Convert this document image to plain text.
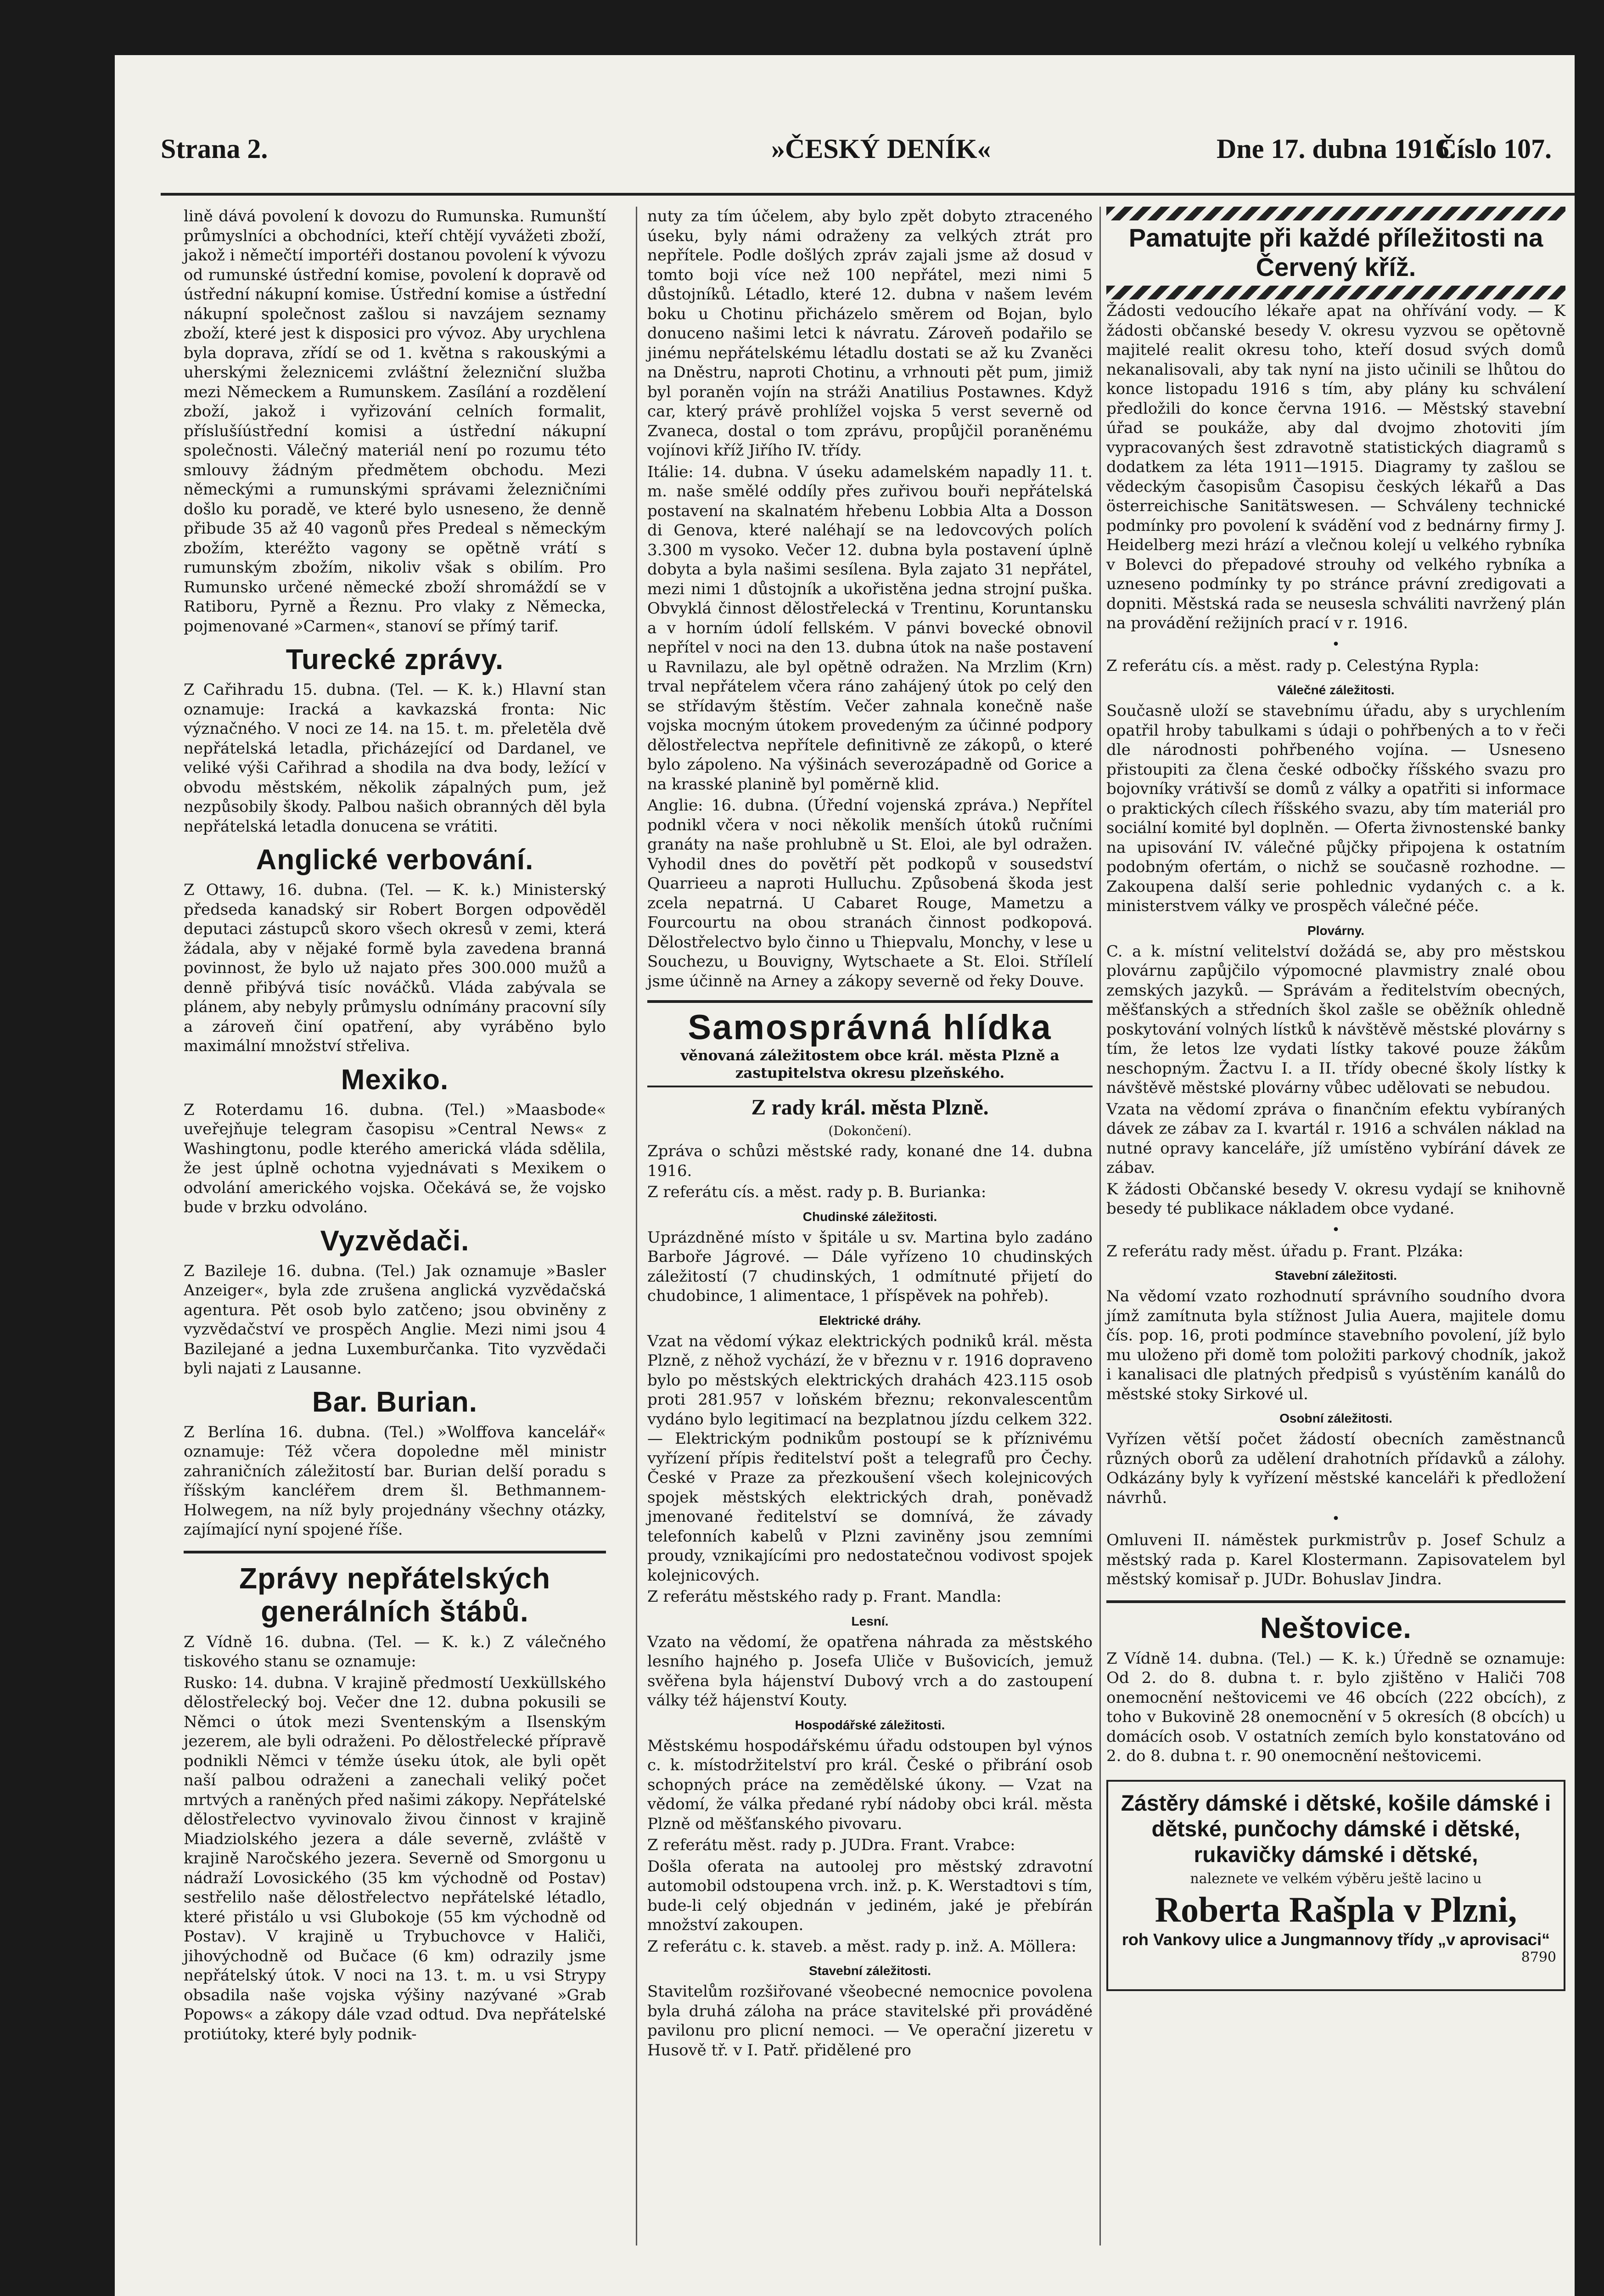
Strana 2.	»ČESKÝ DENÍK«	Dne 17. dubna 1916.
Číslo 107.

lině dává povolení k dovozu do Rumunska. Rumunští průmyslníci a obchodníci, kteří chtějí vyvážeti zboží, jakož i němečtí importéři dostanou povolení k vývozu od rumunské ústřední komise, povolení k dopravě od ústřední nákupní komise. Ústřední komise a ústřední nákupní společnost zašlou si navzájem seznamy zboží, které jest k disposici pro vývoz. Aby urychlena byla doprava, zřídí se od 1. května s rakouskými a uherskými železnicemi zvláštní železniční služba mezi Německem a Rumunskem. Zasílání a rozdělení zboží, jakož i vyřizování celních formalit, příslušíústřední komisi a ústřední nákupní společnosti. Válečný materiál není po rozumu této smlouvy žádným předmětem obchodu. Mezi německými a rumunskými správami železničními došlo ku poradě, ve které bylo usneseno, že denně přibude 35 až 40 vagonů přes Predeal s německým zbožím, kteréžto vagony se opětně vrátí s rumunským zbožím, nikoliv však s obilím. Pro Rumunsko určené německé zboží shromáždí se v Ratiboru, Pyrně a Řeznu. Pro vlaky z Německa, pojmenované »Carmen«, stanoví se přímý tarif.

Turecké zprávy.

Z Cařihradu 15. dubna. (Tel. — K. k.) Hlavní stan oznamuje: Iracká a kavkazská fronta: Nic význačného. V noci ze 14. na 15. t. m. přeletěla dvě nepřátelská letadla, přicházející od Dardanel, ve veliké výši Cařihrad a shodila na dva body, ležící v obvodu městském, několik zápalných pum, jež nezpůsobily škody. Palbou našich obranných děl byla nepřátelská letadla donucena se vrátiti.

Anglické verbování.

Z Ottawy, 16. dubna. (Tel. — K. k.) Ministerský předseda kanadský sir Robert Borgen odpověděl deputaci zástupců skoro všech okresů v zemi, která žádala, aby v nějaké formě byla zavedena branná povinnost, že bylo už najato přes 300.000 mužů a denně přibývá tisíc nováčků. Vláda zabývala se plánem, aby nebyly průmyslu odnímány pracovní síly a zároveň činí opatření, aby vyráběno bylo maximální množství střeliva.

Mexiko.

Z Roterdamu 16. dubna. (Tel.) »Maasbode« uveřejňuje telegram časopisu »Central News« z Washingtonu, podle kterého americká vláda sdělila, že jest úplně ochotna vyjednávati s Mexikem o odvolání amerického vojska. Očekává se, že vojsko bude v brzku odvoláno.

Vyzvědači.

Z Bazileje 16. dubna. (Tel.) Jak oznamuje »Basler Anzeiger«, byla zde zrušena anglická vyzvědačská agentura. Pět osob bylo zatčeno; jsou obviněny z vyzvědačství ve prospěch Anglie. Mezi nimi jsou 4 Bazilejané a jedna Luxemburčanka. Tito vyzvědači byli najati z Lausanne.

Bar. Burian.

Z Berlína 16. dubna. (Tel.) »Wolffova kancelář« oznamuje: Též včera dopoledne měl ministr zahraničních záležitostí bar. Burian delší poradu s říšským kancléřem drem šl. Bethmannem-Holwegem, na níž byly projednány všechny otázky, zajímající nyní spojené říše.

Zprávy nepřátelských generálních štábů.

Z Vídně 16. dubna. (Tel. — K. k.) Z válečného tiskového stanu se oznamuje:

Rusko: 14. dubna. V krajině předmostí Uexküllského dělostřelecký boj. Večer dne 12. dubna pokusili se Němci o útok mezi Sventenským a Ilsenským jezerem, ale byli odraženi. Po dělostřelecké přípravě podnikli Němci v témže úseku útok, ale byli opět naší palbou odraženi a zanechali veliký počet mrtvých a raněných před našimi zákopy. Nepřátelské dělostřelectvo vyvinovalo živou činnost v krajině Miadziolského jezera a dále severně, zvláště v krajině Naročského jezera. Severně od Smorgonu u nádraží Lovosického (35 km východně od Postav) sestřelilo naše dělostřelectvo nepřátelské létadlo, které přistálo u vsi Glubokoje (55 km východně od Postav). V krajině u Trybuchovce v Haliči, jihovýchodně od Bučace (6 km) odrazily jsme nepřátelský útok. V noci na 13. t. m. u vsi Strypy obsadila naše vojska výšiny nazývané »Grab Popows« a zákopy dále vzad odtud. Dva nepřátelské protiútoky, které byly podnik-

nuty za tím účelem, aby bylo zpět dobyto ztraceného úseku, byly námi odraženy za velkých ztrát pro nepřítele. Podle došlých zpráv zajali jsme až dosud v tomto boji více než 100 nepřátel, mezi nimi 5 důstojníků. Létadlo, které 12. dubna v našem levém boku u Chotinu přicházelo směrem od Bojan, bylo donuceno našimi letci k návratu. Zároveň podařilo se jinému nepřátelskému létadlu dostati se až ku Zvaněci na Dněstru, naproti Chotinu, a vrhnouti pět pum, jimiž byl poraněn vojín na stráži Anatilius Postawnes. Když car, který právě prohlížel vojska 5 verst severně od Zvaneca, dostal o tom zprávu, propůjčil poraněnému vojínovi kříž Jiřího IV. třídy.

Itálie: 14. dubna. V úseku adamelském napadly 11. t. m. naše smělé oddíly přes zuřivou bouři nepřátelská postavení na skalnatém hřebenu Lobbia Alta a Dosson di Genova, které naléhají se na ledovcových polích 3.300 m vysoko. Večer 12. dubna byla postavení úplně dobyta a byla našimi sesílena. Byla zajato 31 nepřátel, mezi nimi 1 důstojník a ukořistěna jedna strojní puška. Obvyklá činnost dělostřelecká v Trentinu, Koruntansku a v horním údolí fellském. V pánvi bovecké obnovil nepřítel v noci na den 13. dubna útok na naše postavení u Ravnilazu, ale byl opětně odražen. Na Mrzlim (Krn) trval nepřátelem včera ráno zahájený útok po celý den se střídavým štěstím. Večer zahnala konečně naše vojska mocným útokem provedeným za účinné podpory dělostřelectva nepřítele definitivně ze zákopů, o které bylo zápoleno. Na výšinách severozápadně od Gorice a na krasské planině byl poměrně klid.

Anglie: 16. dubna. (Úřední vojenská zpráva.) Nepřítel podnikl včera v noci několik menších útoků ručními granáty na naše prohlubně u St. Eloi, ale byl odražen. Vyhodil dnes do povětří pět podkopů v sousedství Quarrieeu a naproti Hulluchu. Způsobená škoda jest zcela nepatrná. U Cabaret Rouge, Mametzu a Fourcourtu na obou stranách činnost podkopová. Dělostřelectvo bylo činno u Thiepvalu, Monchy, v lese u Souchezu, u Bouvigny, Wytschaete a St. Eloi. Střílelí jsme účinně na Arney a zákopy severně od řeky Douve.

Samosprávná hlídka

věnovaná záležitostem obce král. města Plzně a zastupitelstva okresu plzeňského.

Z rady král. města Plzně.

(Dokončení).

Zpráva o schůzi městské rady, konané dne 14. dubna 1916.

Z referátu cís. a měst. rady p. B. Burianka:

Chudinské záležitosti.

Uprázdněné místo v špitále u sv. Martina bylo zadáno Barboře Jágrové. — Dále vyřízeno 10 chudinských záležitostí (7 chudinských, 1 odmítnuté přijetí do chudobince, 1 alimentace, 1 příspěvek na pohřeb).

Elektrické dráhy.

Vzat na vědomí výkaz elektrických podniků král. města Plzně, z něhož vychází, že v březnu v r. 1916 dopraveno bylo po městských elektrických drahách 423.115 osob proti 281.957 v loňském březnu; rekonvalescentům vydáno bylo legitimací na bezplatnou jízdu celkem 322. — Elektrickým podnikům postoupí se k příznivému vyřízení přípis ředitelství pošt a telegrafů pro Čechy. České v Praze za přezkoušení všech kolejnicových spojek městských elektrických drah, poněvadž jmenované ředitelství se domnívá, že závady telefonních kabelů v Plzni zaviněny jsou zemními proudy, vznikajícími pro nedostatečnou vodivost spojek kolejnicových.

Z referátu městského rady p. Frant. Mandla:

Lesní.

Vzato na vědomí, že opatřena náhrada za městského lesního hajného p. Josefa Uliče v Bušovicích, jemuž svěřena byla hájenství Dubový vrch a do zastoupení války též hájenství Kouty.

Hospodářské záležitosti.

Městskému hospodářskému úřadu odstoupen byl výnos c. k. místodržitelství pro král. České o přibrání osob schopných práce na zemědělské úkony. — Vzat na vědomí, že válka předané rybí nádoby obci král. města Plzně od měšťanského pivovaru.

Z referátu měst. rady p. JUDra. Frant. Vrabce:

Došla oferata na autoolej pro městský zdravotní automobil odstoupena vrch. inž. p. K. Werstadtovi s tím, bude-li celý objednán v jediném, jaké je přebírán množství zakoupen.

Z referátu c. k. staveb. a měst. rady p. inž. A. Möllera:

Stavební záležitosti.

Stavitelům rozšiřované všeobecné nemocnice povolena byla druhá záloha na práce stavitelské při prováděné pavilonu pro plicní nemoci. — Ve operační jizeretu v Husově tř. v I. Patř. přidělené pro

Pamatujte při každé příležitosti na Červený kříž.

Žádosti vedoucího lékaře apat na ohřívání vody. — K žádosti občanské besedy V. okresu vyzvou se opětovně majitelé realit okresu toho, kteří dosud svých domů nekanalisovali, aby tak nyní na jisto učinili se lhůtou do konce listopadu 1916 s tím, aby plány ku schválení předložili do konce června 1916. — Městský stavební úřad se poukáže, aby dal dvojmo zhotoviti jím vypracovaných šest zdravotně statistických diagramů s dodatkem za léta 1911—1915. Diagramy ty zašlou se vědeckým časopisům Časopisu českých lékařů a Das österreichische Sanitätswesen. — Schváleny technické podmínky pro povolení k svádění vod z bednárny firmy J. Heidelberg mezi hrází a vlečnou kolejí u velkého rybníka v Bolevci do přepadové strouhy od velkého rybníka a uzneseno podmínky ty po stránce právní zredigovati a dopniti. Městská rada se neusesla schváliti navržený plán na provádění režijních prací v r. 1916.

•

Z referátu cís. a měst. rady p. Celestýna Rypla:

Válečné záležitosti.

Současně uloží se stavebnímu úřadu, aby s urychlením opatřil hroby tabulkami s údaji o pohřbených a to v řeči dle národnosti pohřbeného vojína. — Usneseno přistoupiti za člena české odbočky říšského svazu pro bojovníky vrátivší se domů z války a opatřiti si informace o praktických cílech říšského svazu, aby tím materiál pro sociální komité byl doplněn. — Oferta živnostenské banky na upisování IV. válečné půjčky připojena k ostatním podobným ofertám, o nichž se současně rozhodne. — Zakoupena další serie pohlednic vydaných c. a k. ministerstvem války ve prospěch válečné péče.

Plovárny.

C. a k. místní velitelství dožádá se, aby pro městskou plovárnu zapůjčilo výpomocné plavmistry znalé obou zemských jazyků. — Správám a ředitelstvím obecných, měšťanských a středních škol zašle se oběžník ohledně poskytování volných lístků k návštěvě městské plovárny s tím, že letos lze vydati lístky takové pouze žákům neschopným. Žactvu I. a II. třídy obecné školy lístky k návštěvě městské plovárny vůbec udělovati se nebudou.

Vzata na vědomí zpráva o finančním efektu vybíraných dávek ze zábav za I. kvartál r. 1916 a schválen náklad na nutné opravy kanceláře, jíž umístěno vybírání dávek ze zábav.

K žádosti Občanské besedy V. okresu vydají se knihovně besedy té publikace nákladem obce vydané.

•

Z referátu rady měst. úřadu p. Frant. Plzáka:

Stavební záležitosti.

Na vědomí vzato rozhodnutí správního soudního dvora jímž zamítnuta byla stížnost Julia Auera, majitele domu čís. pop. 16, proti podmínce stavebního povolení, jíž bylo mu uloženo při domě tom položiti parkový chodník, jakož i kanalisaci dle platných předpisů s vyústěním kanálů do městské stoky Sirkové ul.

Osobní záležitosti.

Vyřízen větší počet žádostí obecních zaměstnanců různých oborů za udělení drahotních přídavků a zálohy. Odkázány byly k vyřízení městské kanceláři k předložení návrhů.

•

Omluveni II. náměstek purkmistrův p. Josef Schulz a městský rada p. Karel Klostermann. Zapisovatelem byl městský komisař p. JUDr. Bohuslav Jindra.

Neštovice.

Z Vídně 14. dubna. (Tel.) — K. k.) Úředně se oznamuje: Od 2. do 8. dubna t. r. bylo zjištěno v Haliči 708 onemocnění neštovicemi ve 46 obcích (222 obcích), z toho v Bukovině 28 onemocnění v 5 okresích (8 obcích) u domácích osob. V ostatních zemích bylo konstatováno od 2. do 8. dubna t. r. 90 onemocnění neštovicemi.

Zástěry dámské i dětské, košile dámské i dětské, punčochy dámské i dětské, rukavičky dámské i dětské,
naleznete ve velkém výběru ještě lacino u
Roberta Rašpla v Plzni,
roh Vankovy ulice a Jungmannovy třídy „v aprovisaci“
8790
